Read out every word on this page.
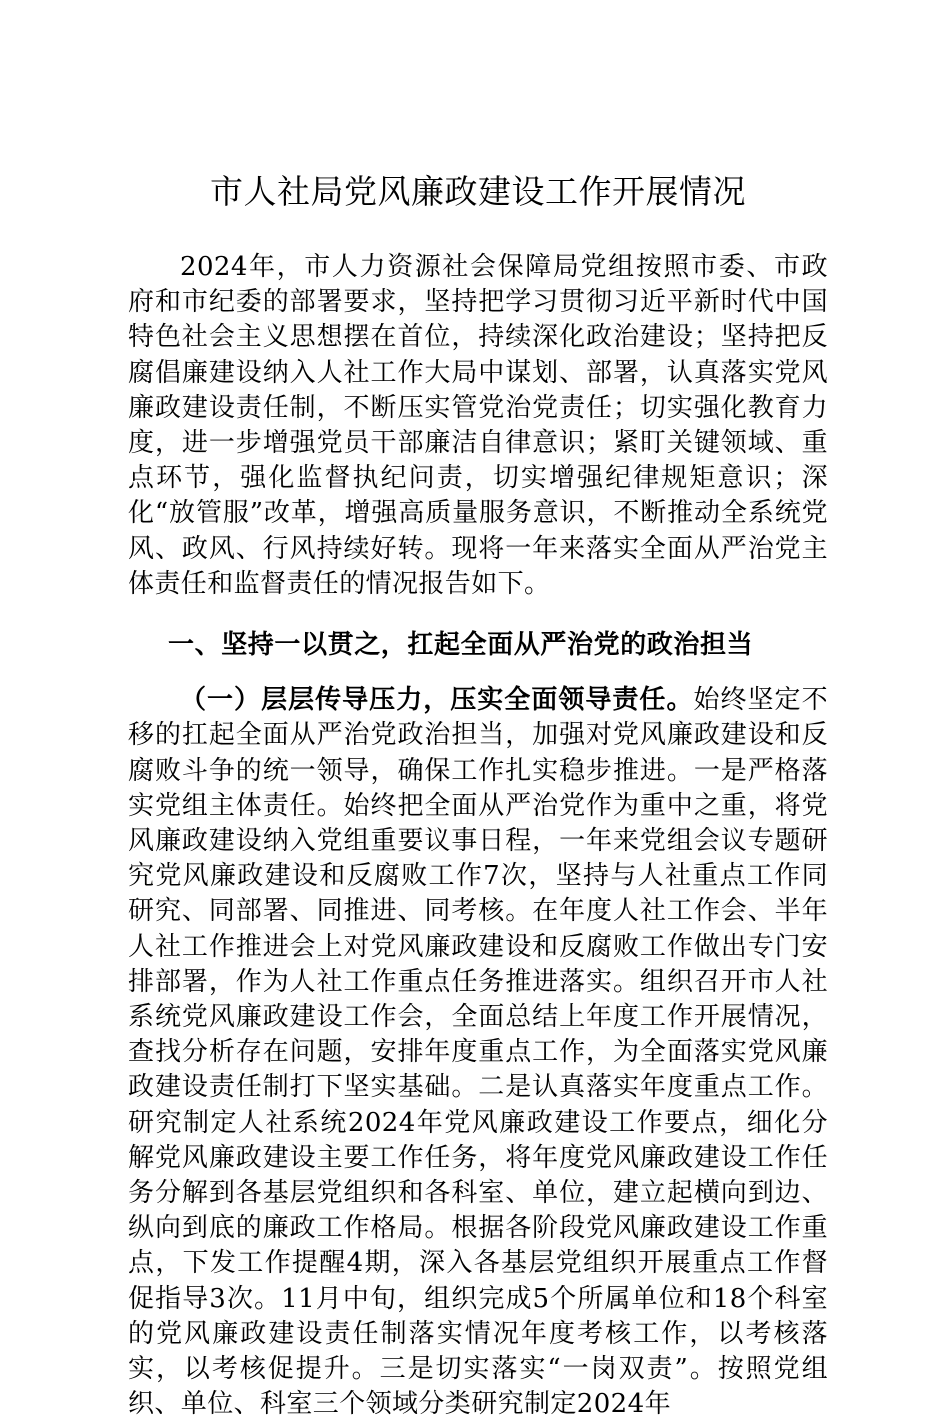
市人社局党风廉政建设工作开展情况

2024年，市人力资源社会保障局党组按照市委、市政府和市纪委的部署要求，坚持把学习贯彻习近平新时代中国特色社会主义思想摆在首位，持续深化政治建设；坚持把反腐倡廉建设纳入人社工作大局中谋划、部署，认真落实党风廉政建设责任制，不断压实管党治党责任；切实强化教育力度，进一步增强党员干部廉洁自律意识；紧盯关键领域、重点环节，强化监督执纪问责，切实增强纪律规矩意识；深化“放管服”改革，增强高质量服务意识，不断推动全系统党风、政风、行风持续好转。现将一年来落实全面从严治党主体责任和监督责任的情况报告如下。

一、坚持一以贯之，扛起全面从严治党的政治担当

（一）层层传导压力，压实全面领导责任。始终坚定不移的扛起全面从严治党政治担当，加强对党风廉政建设和反腐败斗争的统一领导，确保工作扎实稳步推进。一是严格落实党组主体责任。始终把全面从严治党作为重中之重，将党风廉政建设纳入党组重要议事日程，一年来党组会议专题研究党风廉政建设和反腐败工作7次，坚持与人社重点工作同研究、同部署、同推进、同考核。在年度人社工作会、半年人社工作推进会上对党风廉政建设和反腐败工作做出专门安排部署，作为人社工作重点任务推进落实。组织召开市人社系统党风廉政建设工作会，全面总结上年度工作开展情况，查找分析存在问题，安排年度重点工作，为全面落实党风廉政建设责任制打下坚实基础。二是认真落实年度重点工作。研究制定人社系统2024年党风廉政建设工作要点，细化分解党风廉政建设主要工作任务，将年度党风廉政建设工作任务分解到各基层党组织和各科室、单位，建立起横向到边、纵向到底的廉政工作格局。根据各阶段党风廉政建设工作重点，下发工作提醒4期，深入各基层党组织开展重点工作督促指导3次。11月中旬，组织完成5个所属单位和18个科室的党风廉政建设责任制落实情况年度考核工作，以考核落实，以考核促提升。三是切实落实“一岗双责”。按照党组织、单位、科室三个领域分类研究制定2024年
